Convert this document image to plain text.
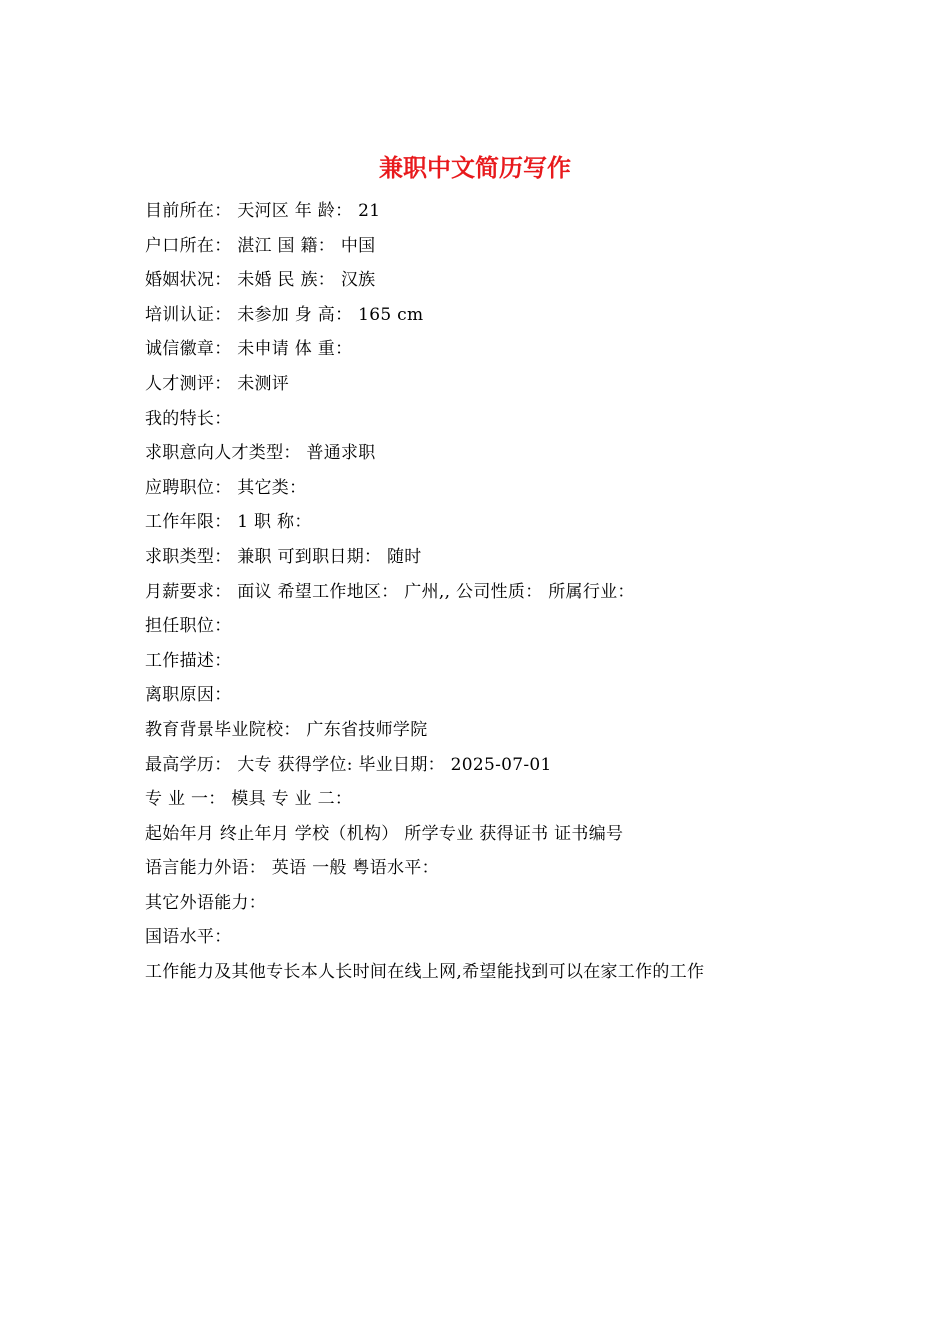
兼职中文简历写作
目前所在： 天河区 年 龄： 21
户口所在： 湛江 国 籍： 中国
婚姻状况： 未婚 民 族： 汉族
培训认证： 未参加 身 高： 165 cm
诚信徽章： 未申请 体 重：
人才测评： 未测评
我的特长：
求职意向人才类型： 普通求职
应聘职位： 其它类：
工作年限： 1 职 称：
求职类型： 兼职 可到职日期： 随时
月薪要求： 面议 希望工作地区： 广州,, 公司性质： 所属行业：
担任职位：
工作描述：
离职原因：
教育背景毕业院校： 广东省技师学院
最高学历： 大专 获得学位: 毕业日期： 2025-07-01
专 业 一： 模具 专 业 二：
起始年月 终止年月 学校（机构） 所学专业 获得证书 证书编号
语言能力外语： 英语 一般 粤语水平：
其它外语能力：
国语水平：
工作能力及其他专长本人长时间在线上网,希望能找到可以在家工作的工作
